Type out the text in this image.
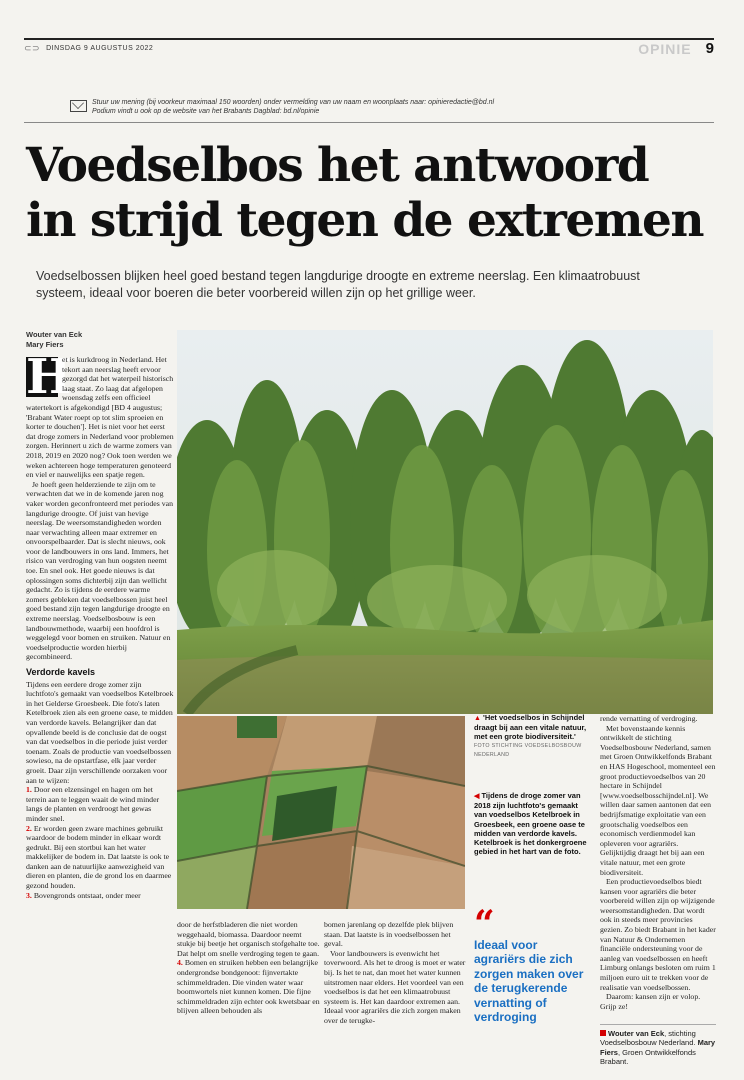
⊂⊃ DINSDAG 9 AUGUSTUS 2022	OPINIE 9
Stuur uw mening (bij voorkeur maximaal 150 woorden) onder vermelding van uw naam en woonplaats naar: opinieredactie@bd.nl
Podium vindt u ook op de website van het Brabants Dagblad: bd.nl/opinie
Voedselbos het antwoord
in strijd tegen de extremen
Voedselbossen blijken heel goed bestand tegen langdurige droogte en extreme neerslag. Een klimaatrobuust systeem, ideaal voor boeren die beter voorbereid willen zijn op het grillige weer.
Wouter van Eck
Mary Fiers
H

et is kurkdroog in Nederland. Het tekort aan neerslag heeft ervoor gezorgd dat het waterpeil historisch laag staat. Zo laag dat afgelopen woensdag zelfs een officieel watertekort is afgekondigd [BD 4 augustus; 'Brabant Water roept op tot slim sproeien en korter te douchen']. Het is niet voor het eerst dat droge zomers in Nederland voor problemen zorgen. Herinnert u zich de warme zomers van 2018, 2019 en 2020 nog? Ook toen werden we weken achtereen hoge temperaturen genoteerd en viel er nauwelijks een spatje regen.

Je hoeft geen helderziende te zijn om te verwachten dat we in de komende jaren nog vaker worden geconfronteerd met periodes van langdurige droogte. Of juist van hevige neerslag. De weersomstandigheden worden naar verwachting alleen maar extremer en onvoorspelbaarder. Dat is slecht nieuws, ook voor de landbouwers in ons land. Immers, het risico van verdroging van hun oogsten neemt toe. En snel ook. Het goede nieuws is dat oplossingen soms dichterbij zijn dan wellicht gedacht. Zo is tijdens de eerdere warme zomers gebleken dat voedselbossen juist heel goed bestand zijn tegen langdurige droogte en extreme neerslag. Voedselbosbouw is een landbouwmethode, waarbij een hoofdrol is weggelegd voor bomen en struiken. Natuur en voedselproductie worden hierbij gecombineerd.

Verdorde kavels

Tijdens een eerdere droge zomer zijn luchtfoto's gemaakt van voedselbos Ketelbroek in het Gelderse Groesbeek. Die foto's laten Ketelbroek zien als een groene oase, te midden van verdorde kavels. Belangrijker dan dat opvallende beeld is de conclusie dat de oogst van dat voedselbos in die periode juist verder toenam. Zoals de productie van voedselbossen sowieso, na de opstartfase, elk jaar verder groeit. Daar zijn verschillende oorzaken voor aan te wijzen:

1. Door een elzensingel en hagen om het terrein aan te leggen waait de wind minder langs de planten en verdroogt het gewas minder snel.

2. Er worden geen zware machines gebruikt waardoor de bodem minder in elkaar wordt gedrukt. Bij een stortbui kan het water makkelijker de bodem in. Dat laatste is ook te danken aan de natuurlijke aanwezigheid van dieren en planten, die de grond los en daarmee gezond houden.

3. Bovengronds ontstaat, onder meer

▲ 'Het voedselbos in Schijndel draagt bij aan een vitale natuur, met een grote biodiversiteit.'
FOTO STICHTING VOEDSELBOSBOUW NEDERLAND
◀ Tijdens de droge zomer van 2018 zijn luchtfoto's gemaakt van voedselbos Ketelbroek in Groesbeek, een groene oase te midden van verdorde kavels. Ketelbroek is het donkergroene gebied in het hart van de foto.
“
Ideaal voor agrariërs die zich zorgen maken over de terugkerende vernatting of verdroging

door de herfstbladeren die niet worden weggehaald, biomassa. Daardoor neemt stukje bij beetje het organisch stofgehalte toe. Dat helpt om snelle verdroging tegen te gaan.

4. Bomen en struiken hebben een belangrijke ondergrondse bondgenoot: fijnvertakte schimmeldraden. Die vinden water waar boomwortels niet kunnen komen. Die fijne schimmeldraden zijn echter ook kwetsbaar en blijven alleen behouden als

bomen jarenlang op dezelfde plek blijven staan. Dat laatste is in voedselbossen het geval.

Voor landbouwers is evenwicht het toverwoord. Als het te droog is moet er water bij. Is het te nat, dan moet het water kunnen uitstromen naar elders. Het voordeel van een voedselbos is dat het een klimaatrobuust systeem is. Het kan daardoor extremen aan. Ideaal voor agrariërs die zich zorgen maken over de terugke-

rende vernatting of verdroging.

Met bovenstaande kennis ontwikkelt de stichting Voedselbosbouw Nederland, samen met Groen Ontwikkelfonds Brabant en HAS Hogeschool, momenteel een groot productievoedselbos van 20 hectare in Schijndel [www.voedselbosschijndel.nl]. We willen daar samen aantonen dat een bedrijfsmatige exploitatie van een grootschalig voedselbos een economisch verdienmodel kan opleveren voor agrariërs. Gelijktijdig draagt het bij aan een vitale natuur, met een grote biodiversiteit.

Een productievoedselbos biedt kansen voor agrariërs die beter voorbereid willen zijn op wijzigende weersomstandigheden. Dat wordt ook in steeds meer provincies gezien. Zo biedt Brabant in het kader van Natuur & Ondernemen financiële ondersteuning voor de aanleg van voedselbossen en heeft Limburg onlangs besloten om ruim 1 miljoen euro uit te trekken voor de realisatie van voedselbossen.

Daarom: kansen zijn er volop. Grijp ze!

Wouter van Eck, stichting Voedselbosbouw Nederland. Mary Fiers, Groen Ontwikkelfonds Brabant.
